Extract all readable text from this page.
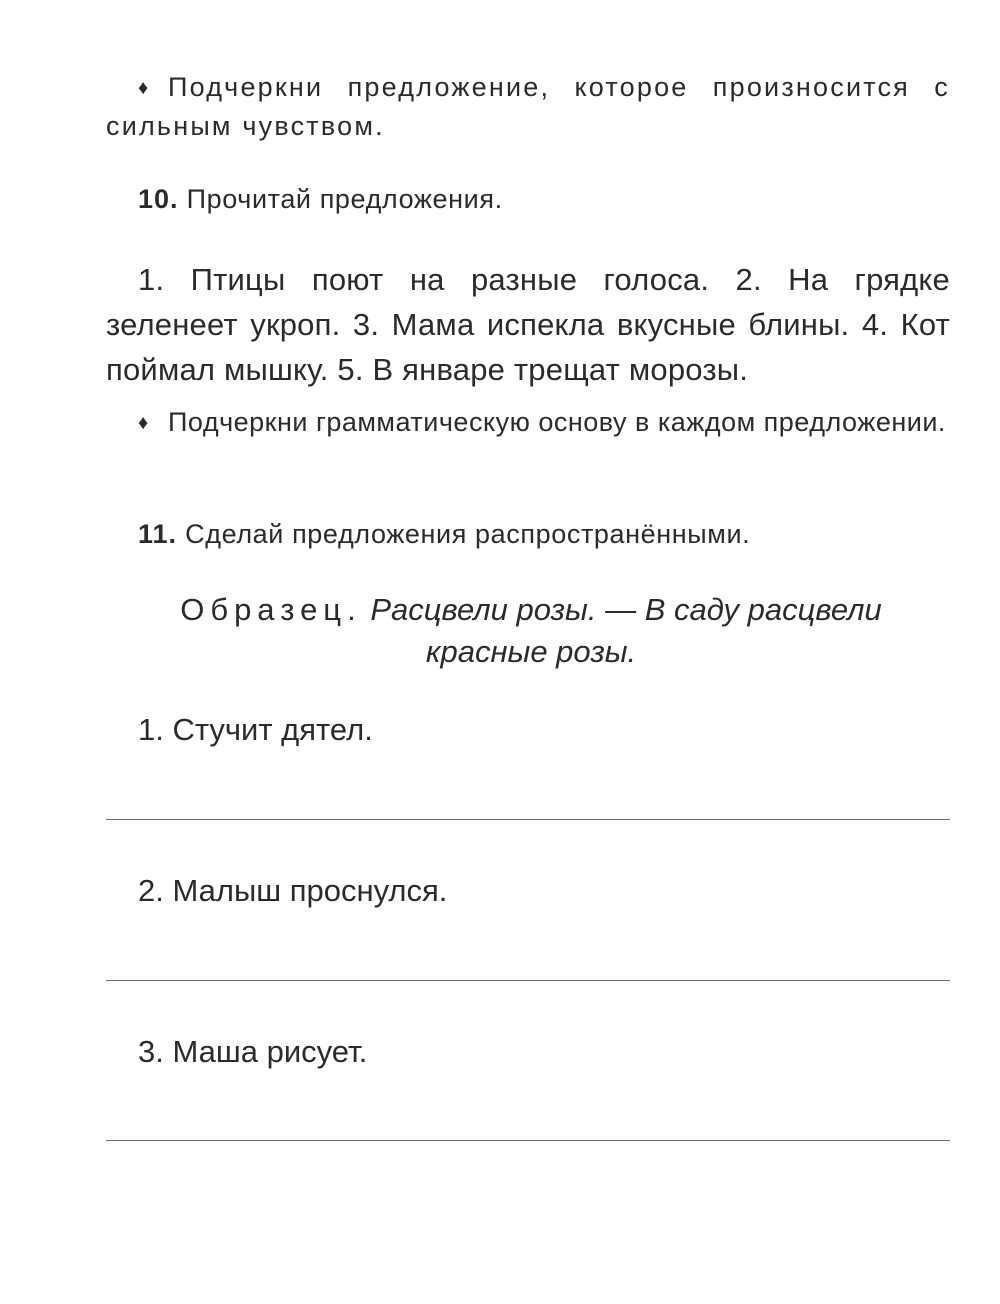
♦ Подчеркни предложение, которое произносится с сильным чувством.
10. Прочитай предложения.
1. Птицы поют на разные голоса. 2. На грядке зеленеет укроп. 3. Мама испекла вкусные блины. 4. Кот поймал мышку. 5. В январе трещат морозы.
♦ Подчеркни грамматическую основу в каждом предложении.
11. Сделай предложения распространёнными.
Образец. Расцвели розы. — В саду расцвели красные розы.
1. Стучит дятел.
2. Малыш проснулся.
3. Маша рисует.
